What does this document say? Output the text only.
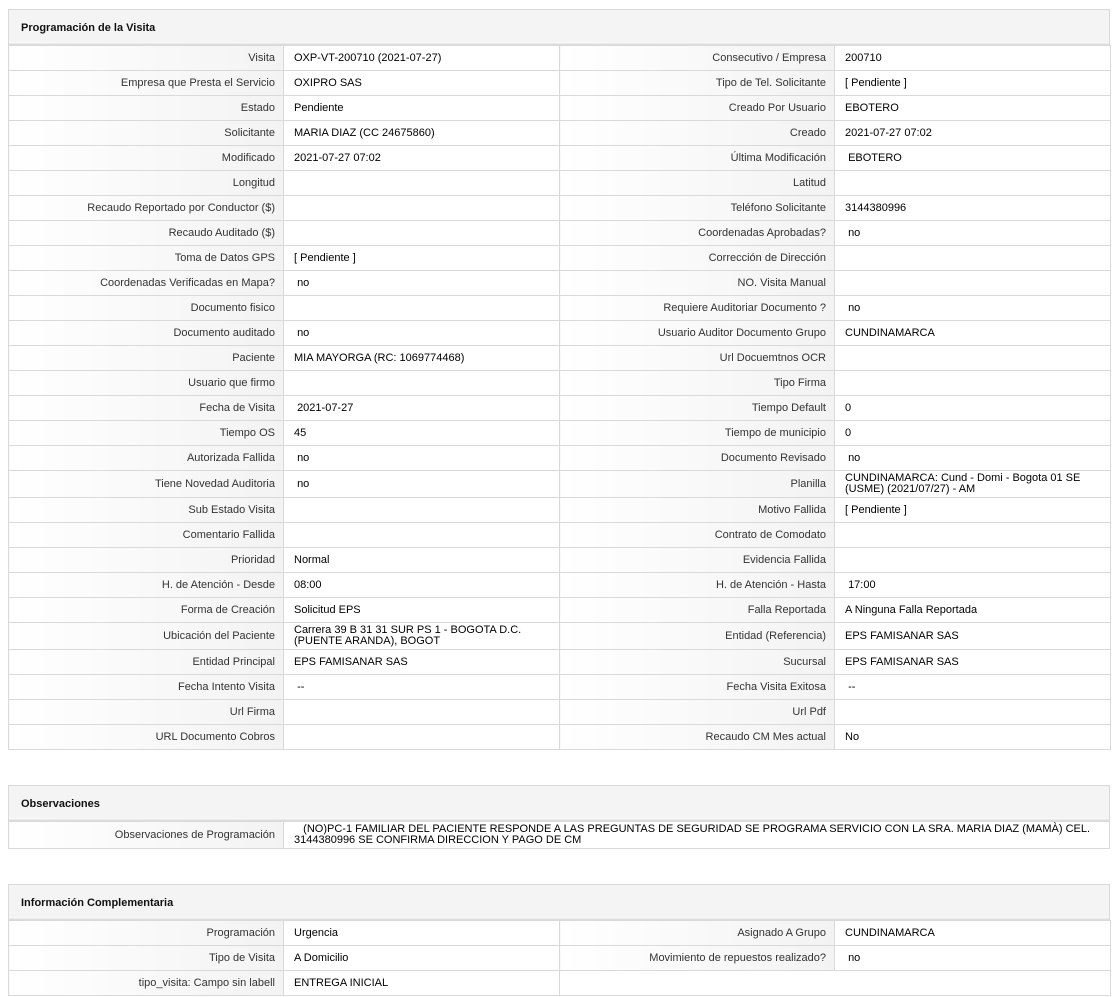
Programación de la Visita
Visita	OXP-VT-200710 (2021-07-27)	Consecutivo / Empresa	200710
Empresa que Presta el Servicio	OXIPRO SAS	Tipo de Tel. Solicitante	[ Pendiente ]
Estado	Pendiente	Creado Por Usuario	EBOTERO
Solicitante	MARIA DIAZ (CC 24675860)	Creado	2021-07-27 07:02
Modificado	2021-07-27 07:02	Última Modificación	EBOTERO
Longitud		Latitud	
Recaudo Reportado por Conductor ($)		Teléfono Solicitante	3144380996
Recaudo Auditado ($)		Coordenadas Aprobadas?	no
Toma de Datos GPS	[ Pendiente ]	Corrección de Dirección	
Coordenadas Verificadas en Mapa?	no	NO. Visita Manual	
Documento fisico		Requiere Auditoriar Documento ?	no
Documento auditado	no	Usuario Auditor Documento Grupo	CUNDINAMARCA
Paciente	MIA MAYORGA (RC: 1069774468)	Url Docuemtnos OCR	
Usuario que firmo		Tipo Firma	
Fecha de Visita	2021-07-27	Tiempo Default	0
Tiempo OS	45	Tiempo de municipio	0
Autorizada Fallida	no	Documento Revisado	no
Tiene Novedad Auditoria	no	Planilla	CUNDINAMARCA: Cund - Domi - Bogota 01 SE (USME) (2021/07/27) - AM
Sub Estado Visita		Motivo Fallida	[ Pendiente ]
Comentario Fallida		Contrato de Comodato	
Prioridad	Normal	Evidencia Fallida	
H. de Atención - Desde	08:00	H. de Atención - Hasta	17:00
Forma de Creación	Solicitud EPS	Falla Reportada	A Ninguna Falla Reportada
Ubicación del Paciente	Carrera 39 B 31 31 SUR PS 1 - BOGOTA D.C. (PUENTE ARANDA), BOGOT	Entidad (Referencia)	EPS FAMISANAR SAS
Entidad Principal	EPS FAMISANAR SAS	Sucursal	EPS FAMISANAR SAS
Fecha Intento Visita	--	Fecha Visita Exitosa	--
Url Firma		Url Pdf	
URL Documento Cobros		Recaudo CM Mes actual	No
Observaciones
Observaciones de Programación	(NO)PC-1 FAMILIAR DEL PACIENTE RESPONDE A LAS PREGUNTAS DE SEGURIDAD SE PROGRAMA SERVICIO CON LA SRA. MARIA DIAZ (MAMÀ) CEL. 3144380996 SE CONFIRMA DIRECCION Y PAGO DE CM
Información Complementaria
Programación	Urgencia	Asignado A Grupo	CUNDINAMARCA
Tipo de Visita	A Domicilio	Movimiento de repuestos realizado?	no
tipo_visita: Campo sin labell	ENTREGA INICIAL		
